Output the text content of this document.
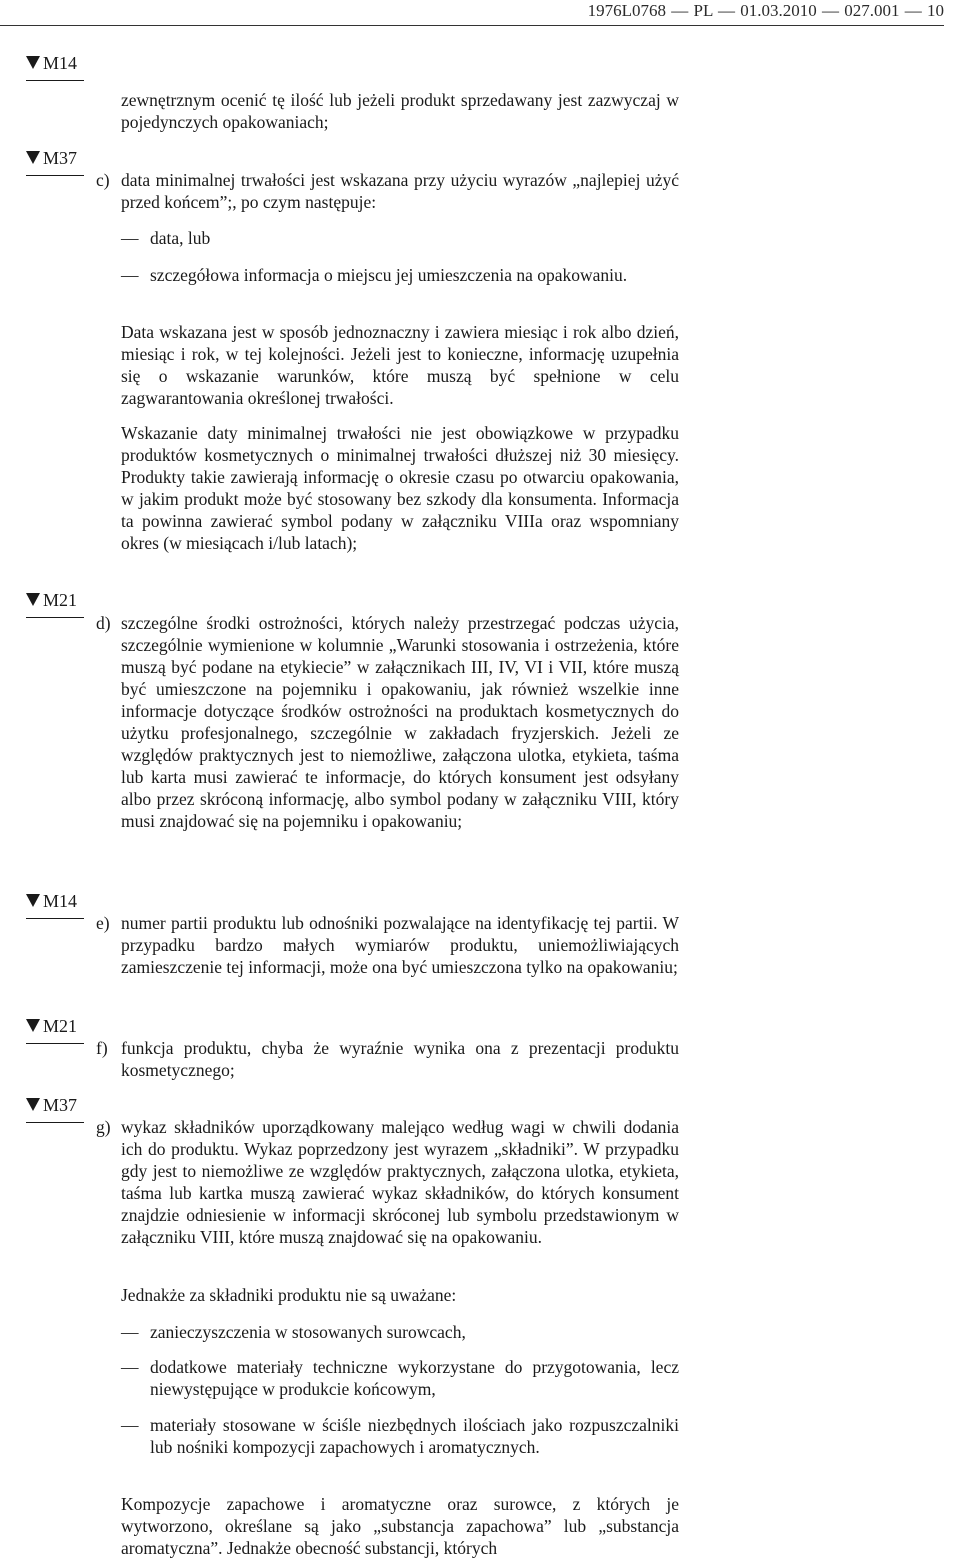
1976L0768 — PL — 01.03.2010 — 027.001 — 10
M14
M37
M21
M14
M21
M37
zewnętrznym ocenić tę ilość lub jeżeli produkt sprzedawany jest zazwyczaj w pojedynczych opakowaniach;
c) data minimalnej trwałości jest wskazana przy użyciu wyrazów „najlepiej użyć przed końcem”;, po czym następuje:
— data, lub
— szczegółowa informacja o miejscu jej umieszczenia na opakowaniu.
Data wskazana jest w sposób jednoznaczny i zawiera miesiąc i rok albo dzień, miesiąc i rok, w tej kolejności. Jeżeli jest to konieczne, informację uzupełnia się o wskazanie warunków, które muszą być spełnione w celu zagwarantowania określonej trwałości.
Wskazanie daty minimalnej trwałości nie jest obowiązkowe w przypadku produktów kosmetycznych o minimalnej trwałości dłuższej niż 30 miesięcy. Produkty takie zawierają informację o okresie czasu po otwarciu opakowania, w jakim produkt może być stosowany bez szkody dla konsumenta. Informacja ta powinna zawierać symbol podany w załączniku VIIIa oraz wspomniany okres (w miesiącach i/lub latach);
d) szczególne środki ostrożności, których należy przestrzegać podczas użycia, szczególnie wymienione w kolumnie „Warunki stosowania i ostrzeżenia, które muszą być podane na etykiecie” w załącznikach III, IV, VI i VII, które muszą być umieszczone na pojemniku i opakowaniu, jak również wszelkie inne informacje dotyczące środków ostrożności na produktach kosmetycznych do użytku profesjonalnego, szczególnie w zakładach fryzjerskich. Jeżeli ze względów praktycznych jest to niemożliwe, załączona ulotka, etykieta, taśma lub karta musi zawierać te informacje, do których konsument jest odsyłany albo przez skróconą informację, albo symbol podany w załączniku VIII, który musi znajdować się na pojemniku i opakowaniu;
e) numer partii produktu lub odnośniki pozwalające na identyfikację tej partii. W przypadku bardzo małych wymiarów produktu, uniemożliwiających zamieszczenie tej informacji, może ona być umieszczona tylko na opakowaniu;
f) funkcja produktu, chyba że wyraźnie wynika ona z prezentacji produktu kosmetycznego;
g) wykaz składników uporządkowany malejąco według wagi w chwili dodania ich do produktu. Wykaz poprzedzony jest wyrazem „składniki”. W przypadku gdy jest to niemożliwe ze względów praktycznych, załączona ulotka, etykieta, taśma lub kartka muszą zawierać wykaz składników, do których konsument znajdzie odniesienie w informacji skróconej lub symbolu przedstawionym w załączniku VIII, które muszą znajdować się na opakowaniu.
Jednakże za składniki produktu nie są uważane:
— zanieczyszczenia w stosowanych surowcach,
— dodatkowe materiały techniczne wykorzystane do przygotowania, lecz niewystępujące w produkcie końcowym,
— materiały stosowane w ściśle niezbędnych ilościach jako rozpuszczalniki lub nośniki kompozycji zapachowych i aromatycznych.
Kompozycje zapachowe i aromatyczne oraz surowce, z których je wytworzono, określane są jako „substancja zapachowa” lub „substancja aromatyczna”. Jednakże obecność substancji, których
